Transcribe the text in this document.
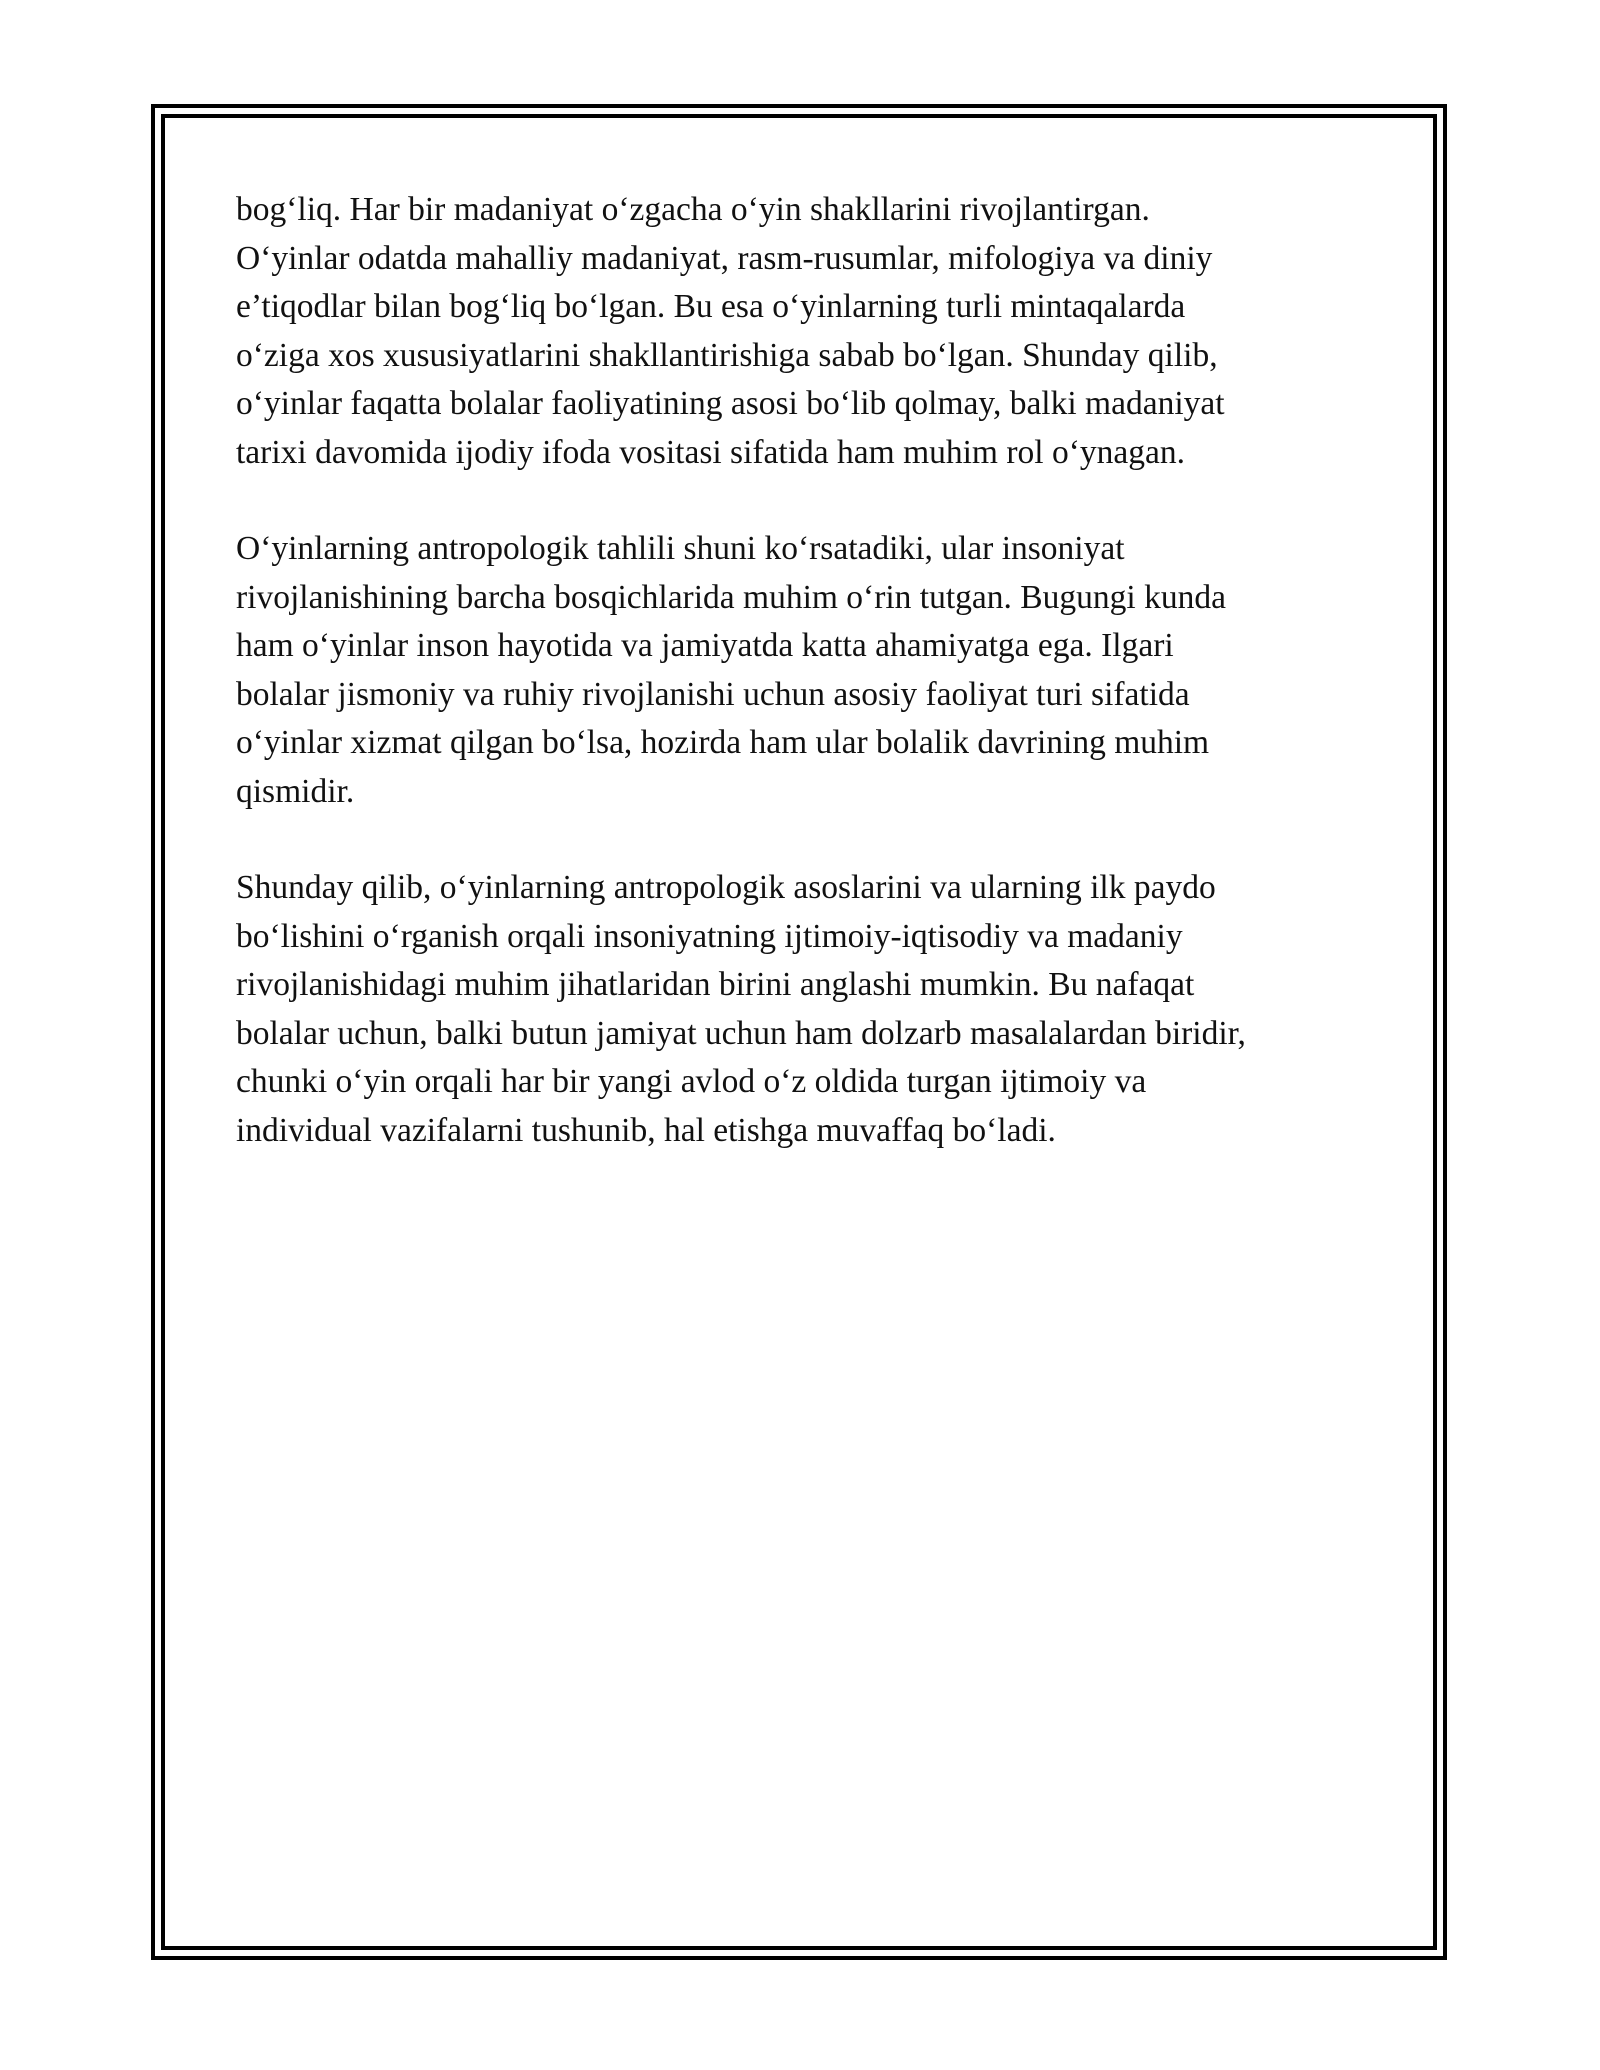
bog‘liq. Har bir madaniyat o‘zgacha o‘yin shakllarini rivojlantirgan.
O‘yinlar odatda mahalliy madaniyat, rasm-rusumlar, mifologiya va diniy
e’tiqodlar bilan bog‘liq bo‘lgan. Bu esa o‘yinlarning turli mintaqalarda
o‘ziga xos xususiyatlarini shakllantirishiga sabab bo‘lgan. Shunday qilib,
o‘yinlar faqatta bolalar faoliyatining asosi bo‘lib qolmay, balki madaniyat
tarixi davomida ijodiy ifoda vositasi sifatida ham muhim rol o‘ynagan.

O‘yinlarning antropologik tahlili shuni ko‘rsatadiki, ular insoniyat
rivojlanishining barcha bosqichlarida muhim o‘rin tutgan. Bugungi kunda
ham o‘yinlar inson hayotida va jamiyatda katta ahamiyatga ega. Ilgari
bolalar jismoniy va ruhiy rivojlanishi uchun asosiy faoliyat turi sifatida
o‘yinlar xizmat qilgan bo‘lsa, hozirda ham ular bolalik davrining muhim
qismidir.

Shunday qilib, o‘yinlarning antropologik asoslarini va ularning ilk paydo
bo‘lishini o‘rganish orqali insoniyatning ijtimoiy-iqtisodiy va madaniy
rivojlanishidagi muhim jihatlaridan birini anglashi mumkin. Bu nafaqat
bolalar uchun, balki butun jamiyat uchun ham dolzarb masalalardan biridir,
chunki o‘yin orqali har bir yangi avlod o‘z oldida turgan ijtimoiy va
individual vazifalarni tushunib, hal etishga muvaffaq bo‘ladi.
